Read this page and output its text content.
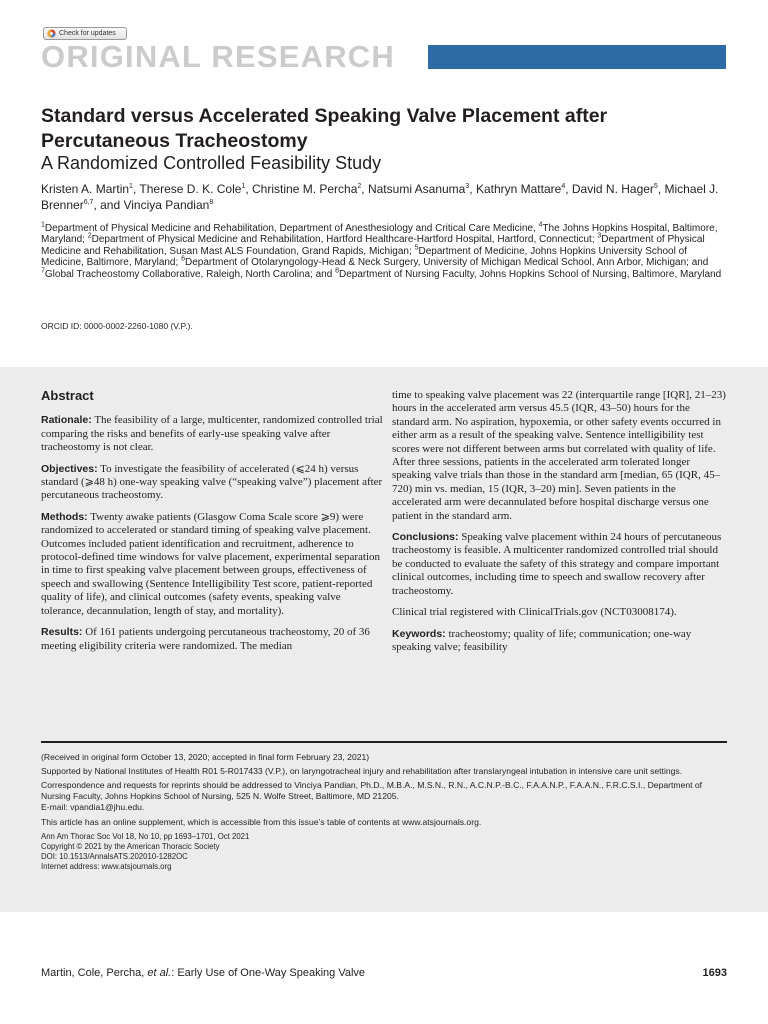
Check for updates
ORIGINAL RESEARCH
Standard versus Accelerated Speaking Valve Placement after Percutaneous Tracheostomy
A Randomized Controlled Feasibility Study
Kristen A. Martin$^1$, Therese D. K. Cole$^1$, Christine M. Percha$^2$, Natsumi Asanuma$^3$, Kathryn Mattare$^4$, David N. Hager$^5$, Michael J. Brenner$^{6,7}$, and Vinciya Pandian$^8$
$^1$Department of Physical Medicine and Rehabilitation, Department of Anesthesiology and Critical Care Medicine, $^4$The Johns Hopkins Hospital, Baltimore, Maryland; $^2$Department of Physical Medicine and Rehabilitation, Hartford Healthcare-Hartford Hospital, Hartford, Connecticut; $^3$Department of Physical Medicine and Rehabilitation, Susan Mast ALS Foundation, Grand Rapids, Michigan; $^5$Department of Medicine, Johns Hopkins University School of Medicine, Baltimore, Maryland; $^6$Department of Otolaryngology-Head & Neck Surgery, University of Michigan Medical School, Ann Arbor, Michigan; and $^7$Global Tracheostomy Collaborative, Raleigh, North Carolina; and $^8$Department of Nursing Faculty, Johns Hopkins School of Nursing, Baltimore, Maryland
ORCID ID: 0000-0002-2260-1080 (V.P.).
Abstract

Rationale: The feasibility of a large, multicenter, randomized controlled trial comparing the risks and benefits of early-use speaking valve after tracheostomy is not clear.

Objectives: To investigate the feasibility of accelerated (⩽24 h) versus standard (⩾48 h) one-way speaking valve (“speaking valve”) placement after percutaneous tracheostomy.

Methods: Twenty awake patients (Glasgow Coma Scale score ⩾9) were randomized to accelerated or standard timing of speaking valve placement. Outcomes included patient identification and recruitment, adherence to protocol-defined time windows for valve placement, experimental separation in time to first speaking valve placement between groups, effectiveness of speech and swallowing (Sentence Intelligibility Test score, patient-reported quality of life), and clinical outcomes (safety events, speaking valve tolerance, decannulation, length of stay, and mortality).

Results: Of 161 patients undergoing percutaneous tracheostomy, 20 of 36 meeting eligibility criteria were randomized. The median

time to speaking valve placement was 22 (interquartile range [IQR], 21–23) hours in the accelerated arm versus 45.5 (IQR, 43–50) hours for the standard arm. No aspiration, hypoxemia, or other safety events occurred in either arm as a result of the speaking valve. Sentence intelligibility test scores were not different between arms but correlated with quality of life. After three sessions, patients in the accelerated arm tolerated longer speaking valve trials than those in the standard arm [median, 65 (IQR, 45–720) min vs. median, 15 (IQR, 3–20) min]. Seven patients in the accelerated arm were decannulated before hospital discharge versus one patient in the standard arm.

Conclusions: Speaking valve placement within 24 hours of percutaneous tracheostomy is feasible. A multicenter randomized controlled trial should be conducted to evaluate the safety of this strategy and compare important clinical outcomes, including time to speech and swallow recovery after tracheostomy.

Clinical trial registered with ClinicalTrials.gov (NCT03008174).

Keywords: tracheostomy; quality of life; communication; one-way speaking valve; feasibility

(Received in original form October 13, 2020; accepted in final form February 23, 2021)

Supported by National Institutes of Health R01 5-R017433 (V.P.), on laryngotracheal injury and rehabilitation after translaryngeal intubation in intensive care unit settings.

Correspondence and requests for reprints should be addressed to Vinciya Pandian, Ph.D., M.B.A., M.S.N., R.N., A.C.N.P.-B.C., F.A.A.N.P., F.A.A.N., F.R.C.S.I., Department of Nursing Faculty, Johns Hopkins School of Nursing, 525 N. Wolfe Street, Baltimore, MD 21205.

E-mail: vpandia1@jhu.edu.

This article has an online supplement, which is accessible from this issue’s table of contents at www.atsjournals.org.

Ann Am Thorac Soc Vol 18, No 10, pp 1693–1701, Oct 2021

Copyright © 2021 by the American Thoracic Society

DOI: 10.1513/AnnalsATS.202010-1282OC

Internet address: www.atsjournals.org

Martin, Cole, Percha, et al.: Early Use of One-Way Speaking Valve	1693
